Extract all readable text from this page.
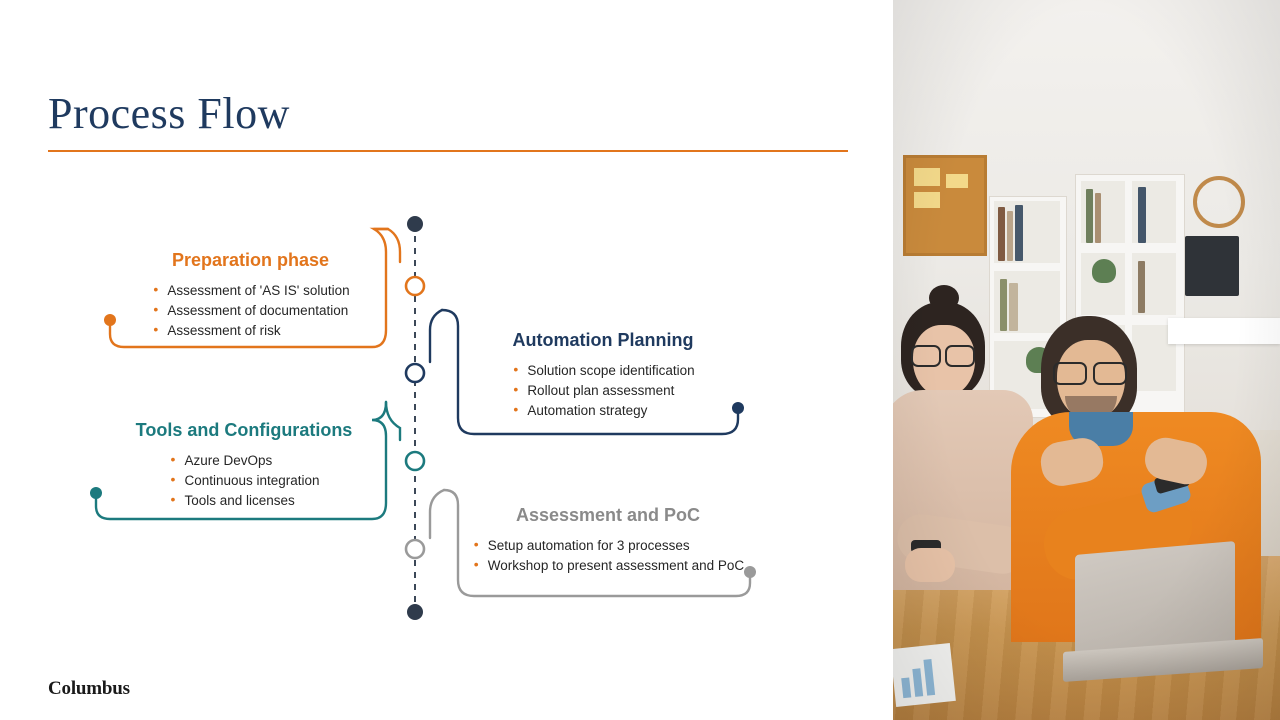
Process Flow
Preparation phase
• Assessment of 'AS IS' solution
• Assessment of documentation
• Assessment of risk	Automation Planning
• Solution scope identification
• Rollout plan assessment
• Automation strategy
Tools and Configurations
• Azure DevOps
• Continuous integration
• Tools and licenses
Assessment and PoC
• Setup automation for 3 processes
• Workshop to present assessment and PoC
Columbus
